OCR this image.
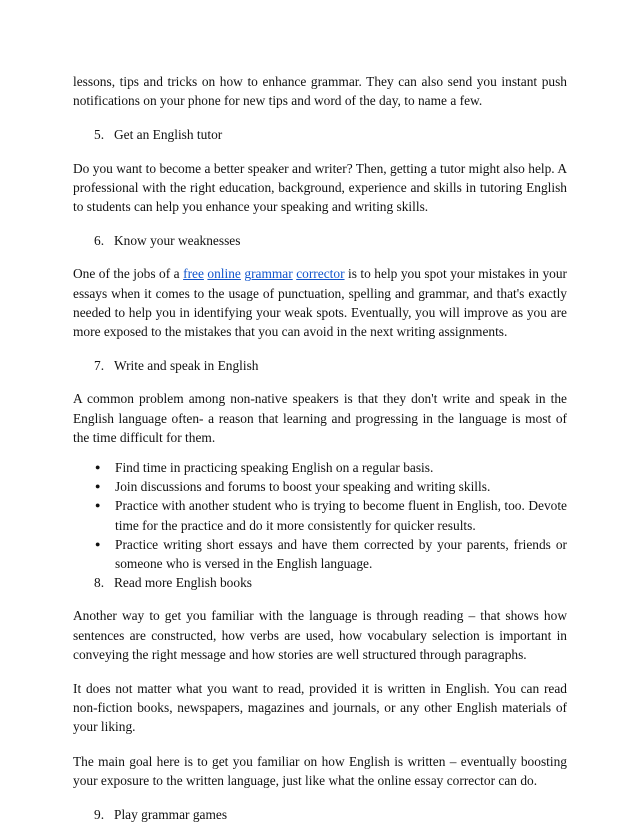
lessons, tips and tricks on how to enhance grammar. They can also send you instant push notifications on your phone for new tips and word of the day, to name a few.

5. Get an English tutor

Do you want to become a better speaker and writer? Then, getting a tutor might also help. A professional with the right education, background, experience and skills in tutoring English to students can help you enhance your speaking and writing skills.

6. Know your weaknesses

One of the jobs of a free online grammar corrector is to help you spot your mistakes in your essays when it comes to the usage of punctuation, spelling and grammar, and that's exactly needed to help you in identifying your weak spots. Eventually, you will improve as you are more exposed to the mistakes that you can avoid in the next writing assignments.

7. Write and speak in English

A common problem among non-native speakers is that they don't write and speak in the English language often- a reason that learning and progressing in the language is most of the time difficult for them.

● Find time in practicing speaking English on a regular basis.
● Join discussions and forums to boost your speaking and writing skills.
● Practice with another student who is trying to become fluent in English, too. Devote time for the practice and do it more consistently for quicker results.
● Practice writing short essays and have them corrected by your parents, friends or someone who is versed in the English language.
8. Read more English books

Another way to get you familiar with the language is through reading – that shows how sentences are constructed, how verbs are used, how vocabulary selection is important in conveying the right message and how stories are well structured through paragraphs.

It does not matter what you want to read, provided it is written in English. You can read non-fiction books, newspapers, magazines and journals, or any other English materials of your liking.

The main goal here is to get you familiar on how English is written – eventually boosting your exposure to the written language, just like what the online essay corrector can do.

9. Play grammar games
